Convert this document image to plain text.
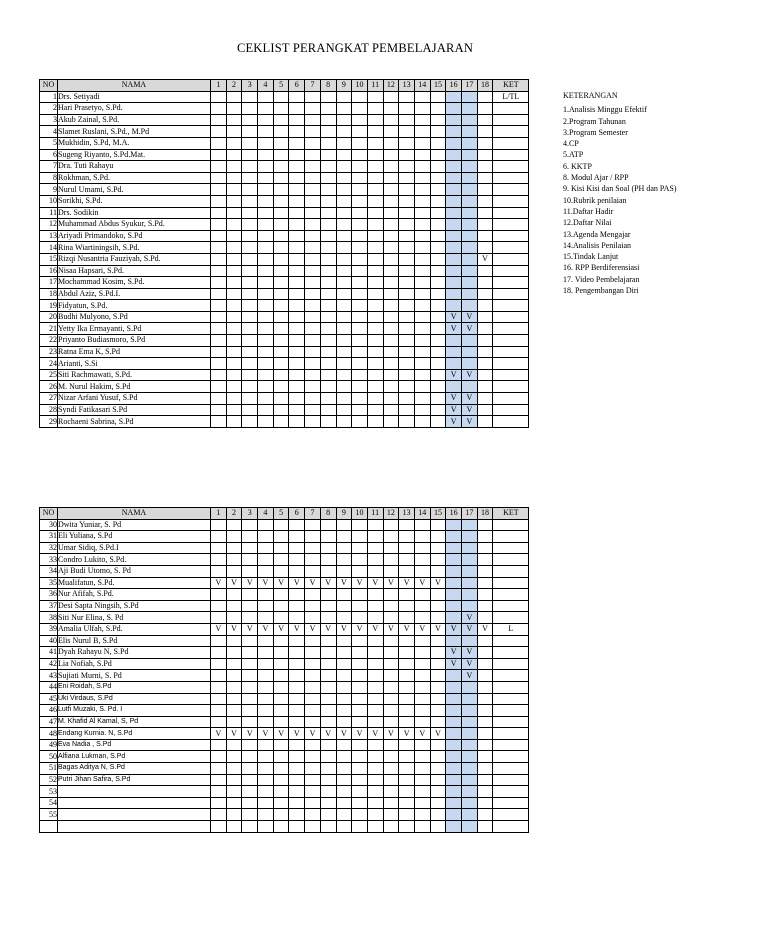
CEKLIST PERANGKAT PEMBELAJARAN
NO	NAMA	1	2	3	4	5	6	7	8	9	10	11	12	13	14	15	16	17	18	KET
1	Drs. Setiyadi																			L/TL
2	Hari Prasetyo, S.Pd.																			
3	Akub Zainal, S.Pd.																			
4	Slamet Ruslani, S.Pd., M.Pd																			
5	Mukhidin, S.Pd, M.A.																			
6	Sugeng Riyanto, S.Pd.Mat.																			
7	Dra. Tuti Rahayu																			
8	Rokhman, S.Pd.																			
9	Nurul Umami, S.Pd.																			
10	Sorikhi, S.Pd.																			
11	Drs. Sodikin																			
12	Muhammad Abdus Syukur, S.Pd.																			
13	Ariyadi Primandoko, S.Pd																			
14	Rina Wiartiningsih, S.Pd.																			
15	Rizqi Nusantria Fauziyah, S.Pd.																		V	
16	Nisaa Hapsari, S.Pd.																			
17	Mochammad Kosim, S.Pd.																			
18	Abdul Aziz, S.Pd.I.																			
19	Fidyatun, S.Pd.																			
20	Budhi Mulyono, S.Pd																V	V		
21	Yetty Ika Ermayanti, S.Pd																V	V		
22	Priyanto Budiasmoro, S.Pd																			
23	Ratna Ema K, S.Pd																			
24	Arianti, S.Si																			
25	Siti Rachmawati, S.Pd.																V	V		
26	M. Nurul Hakim, S.Pd																			
27	Nizar Arfani Yusuf, S.Pd																V	V		
28	Syndi Fatikasari S.Pd																V	V		
29	Rochaeni Sabrina, S.Pd																V	V		
NO	NAMA	1	2	3	4	5	6	7	8	9	10	11	12	13	14	15	16	17	18	KET
30	Dwita Yuniar, S. Pd																			
31	Eli Yuliana, S.Pd																			
32	Umar Sidiq, S.Pd.I																			
33	Condro Lukito, S.Pd.																			
34	Aji Budi Utomo, S. Pd																			
35	Mualifatun, S.Pd.	V	V	V	V	V	V	V	V	V	V	V	V	V	V	V				
36	Nur Afifah, S.Pd.																			
37	Desi Sapta Ningsih, S.Pd																			
38	Siti Nur Elina, S. Pd																	V		
39	Amalia Ulfah, S.Pd.	V	V	V	V	V	V	V	V	V	V	V	V	V	V	V	V	V	V	L
40	Elis Nurul B, S.Pd																			
41	Dyah Rahayu N, S.Pd																V	V		
42	Lia Nofiah, S.Pd																V	V		
43	Sujiati Murni, S. Pd																	V		
44	Eni Roidah, S.Pd																			
45	Uki Virdaus, S.Pd																			
46	Lutfi Muzaki, S. Pd. I																			
47	M. Khafid Al Kamal, S, Pd																			
48	Endang Kurnia. N, S.Pd	V	V	V	V	V	V	V	V	V	V	V	V	V	V	V				
49	Eva Nadia , S.Pd																			
50	Alfiana Lukman, S.Pd																			
51	Bagas Aditya N, S.Pd																			
52	Putri Jihan Safira, S.Pd																			
53																				
54																				
55																				

KETERANGAN
1.Analisis Minggu Efektif
2.Program Tahunan
3.Program Semester
4.CP
5.ATP
6. KKTP
8. Modul Ajar / RPP
9. Kisi Kisi dan Soal (PH dan PAS)
10.Rubrik penilaian
11.Daftar Hadir
12.Daftar Nilai
13.Agenda Mengajar
14.Analisis Penilaian
15.Tindak Lanjut
16. RPP Berdiferensiasi
17. Video Pembelajaran
18. Pengembangan Diri
